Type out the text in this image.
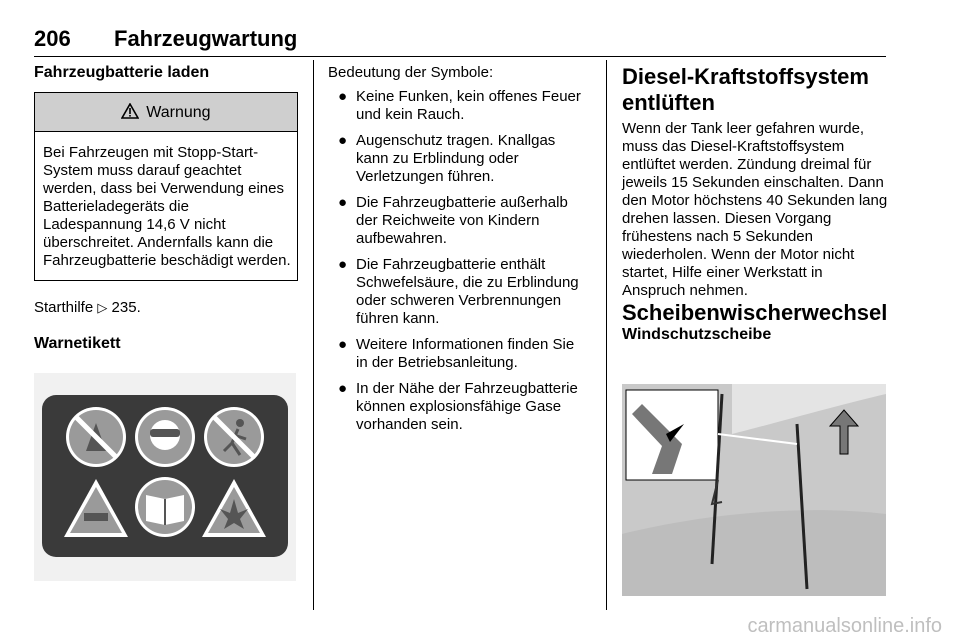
206 Fahrzeugwartung
Fahrzeugbatterie laden
Warnung
Bei Fahrzeugen mit Stopp-Start-System muss darauf geachtet werden, dass bei Verwendung eines Batterieladegeräts die Ladespannung 14,6 V nicht überschreitet. Andernfalls kann die Fahrzeugbatterie beschädigt werden.

Starthilfe ▷ 235.

Warnetikett

Bedeutung der Symbole:

● Keine Funken, kein offenes Feuer und kein Rauch.
● Augenschutz tragen. Knallgas kann zu Erblindung oder Verletzungen führen.
● Die Fahrzeugbatterie außerhalb der Reichweite von Kindern aufbewahren.
● Die Fahrzeugbatterie enthält Schwefelsäure, die zu Erblindung oder schweren Verbrennungen führen kann.
● Weitere Informationen finden Sie in der Betriebsanleitung.
● In der Nähe der Fahrzeugbatterie können explosionsfähige Gase vorhanden sein.
Diesel-Kraftstoffsystem entlüften

Wenn der Tank leer gefahren wurde, muss das Diesel-Kraftstoffsystem entlüftet werden. Zündung dreimal für jeweils 15 Sekunden einschalten. Dann den Motor höchstens 40 Sekunden lang drehen lassen. Diesen Vorgang frühestens nach 5 Sekunden wiederholen. Wenn der Motor nicht startet, Hilfe einer Werkstatt in Anspruch nehmen.

Scheibenwischerwechsel
Windschutzscheibe
carmanualsonline.info
